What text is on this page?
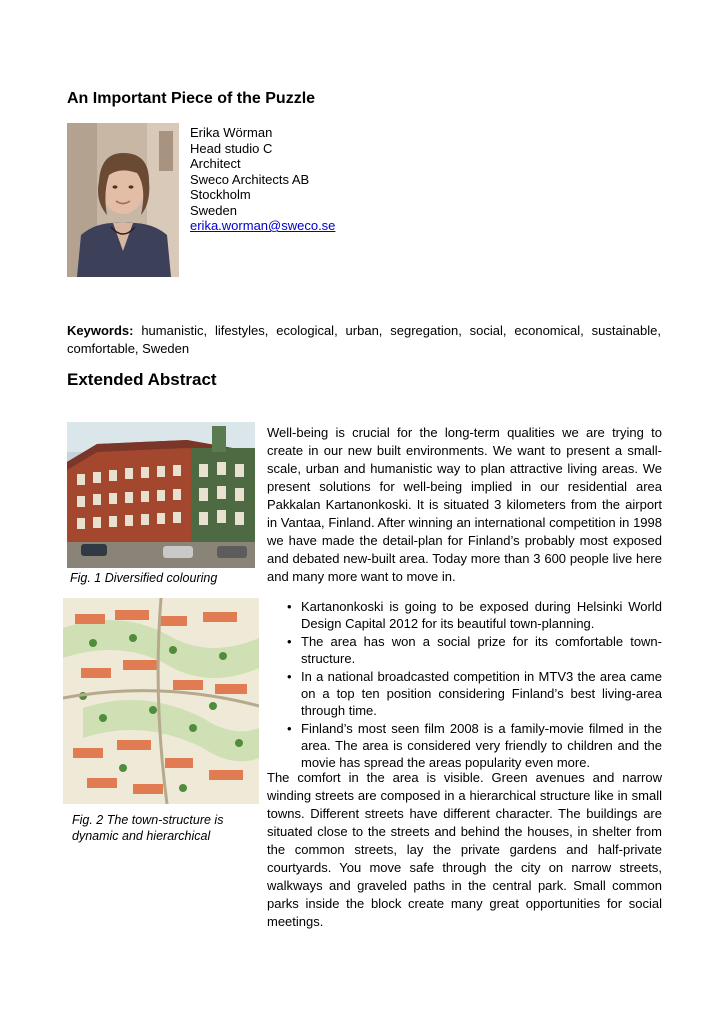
An Important Piece of the Puzzle
Erika Wörman
Head studio C
Architect
Sweco Architects AB
Stockholm
Sweden
erika.worman@sweco.se

Keywords: humanistic, lifestyles, ecological, urban, segregation, social, economical, sustainable, comfortable, Sweden

Extended Abstract
Fig. 1 Diversified colouring
Fig. 2 The town-structure is dynamic and hierarchical

Well-being is crucial for the long-term qualities we are trying to create in our new built environments. We want to present a small-scale, urban and humanistic way to plan attractive living areas. We present solutions for well-being implied in our residential area Pakkalan Kartanonkoski. It is situated 3 kilometers from the airport in Vantaa, Finland. After winning an international competition in 1998 we have made the detail-plan for Finland’s probably most exposed and debated new-built area. Today more than 3 600 people live here and many more want to move in.

• Kartanonkoski is going to be exposed during Helsinki World Design Capital 2012 for its beautiful town-planning.
• The area has won a social prize for its comfortable town-structure.
• In a national broadcasted competition in MTV3 the area came on a top ten position considering Finland’s best living-area through time.
• Finland’s most seen film 2008 is a family-movie filmed in the area. The area is considered very friendly to children and the movie has spread the areas popularity even more.

The comfort in the area is visible. Green avenues and narrow winding streets are composed in a hierarchical structure like in small towns. Different streets have different character. The buildings are situated close to the streets and behind the houses, in shelter from the common streets, lay the private gardens and half-private courtyards. You move safe through the city on narrow streets, walkways and graveled paths in the central park. Small common parks inside the block create many great opportunities for social meetings.
